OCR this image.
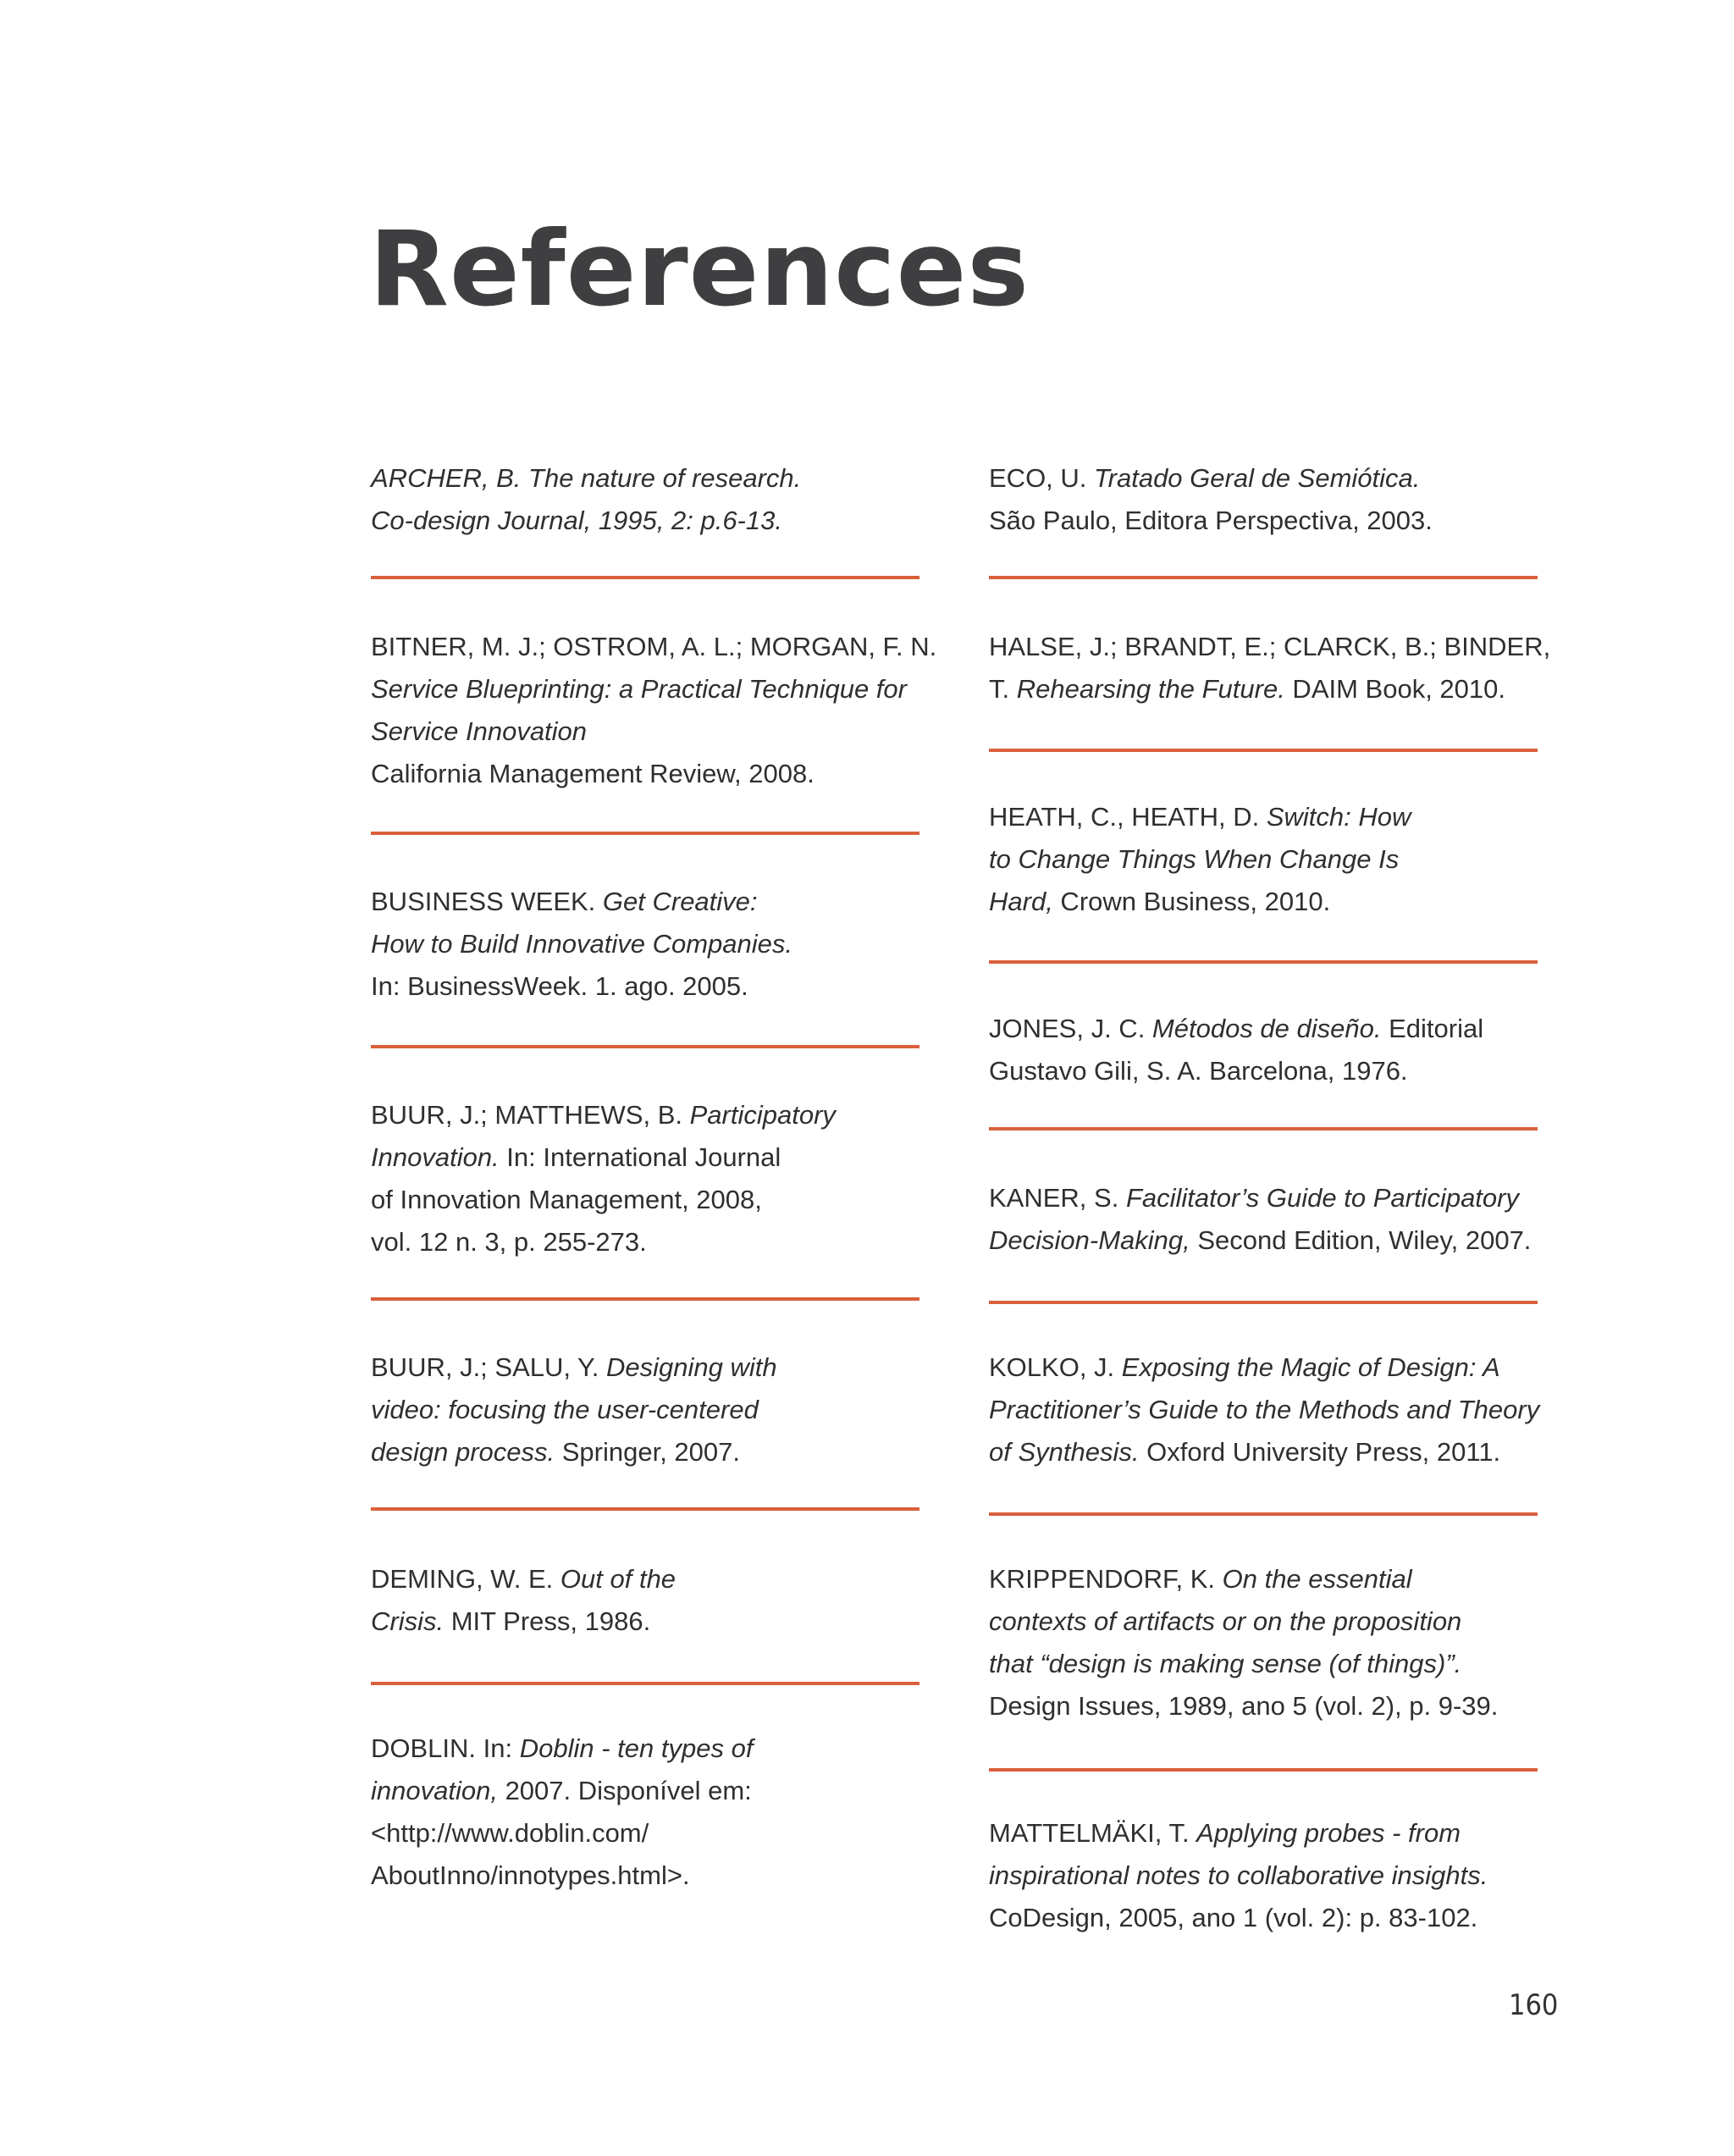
References

ARCHER, B. The nature of research.
Co-design Journal, 1995, 2: p.6-13.

BITNER, M. J.; OSTROM, A. L.; MORGAN, F. N.
Service Blueprinting: a Practical Technique for
Service Innovation
California Management Review, 2008.

BUSINESS WEEK. Get Creative:
How to Build Innovative Companies.
In: BusinessWeek. 1. ago. 2005.

BUUR, J.; MATTHEWS, B. Participatory
Innovation. In: International Journal
of Innovation Management, 2008,
vol. 12 n. 3, p. 255-273.

BUUR, J.; SALU, Y. Designing with
video: focusing the user-centered
design process. Springer, 2007.

DEMING, W. E. Out of the
Crisis. MIT Press, 1986.

DOBLIN. In: Doblin - ten types of
innovation, 2007. Disponível em:
<http://www.doblin.com/
AboutInno/innotypes.html>.

ECO, U. Tratado Geral de Semiótica.
São Paulo, Editora Perspectiva, 2003.

HALSE, J.; BRANDT, E.; CLARCK, B.; BINDER,
T. Rehearsing the Future. DAIM Book, 2010.

HEATH, C., HEATH, D. Switch: How
to Change Things When Change Is
Hard, Crown Business, 2010.

JONES, J. C. Métodos de diseño. Editorial
Gustavo Gili, S. A. Barcelona, 1976.

KANER, S. Facilitator’s Guide to Participatory
Decision-Making, Second Edition, Wiley, 2007.

KOLKO, J. Exposing the Magic of Design: A
Practitioner’s Guide to the Methods and Theory
of Synthesis. Oxford University Press, 2011.

KRIPPENDORF, K. On the essential
contexts of artifacts or on the proposition
that “design is making sense (of things)”.
Design Issues, 1989, ano 5 (vol. 2), p. 9-39.

MATTELMÄKI, T. Applying probes - from
inspirational notes to collaborative insights.
CoDesign, 2005, ano 1 (vol. 2): p. 83-102.

160
